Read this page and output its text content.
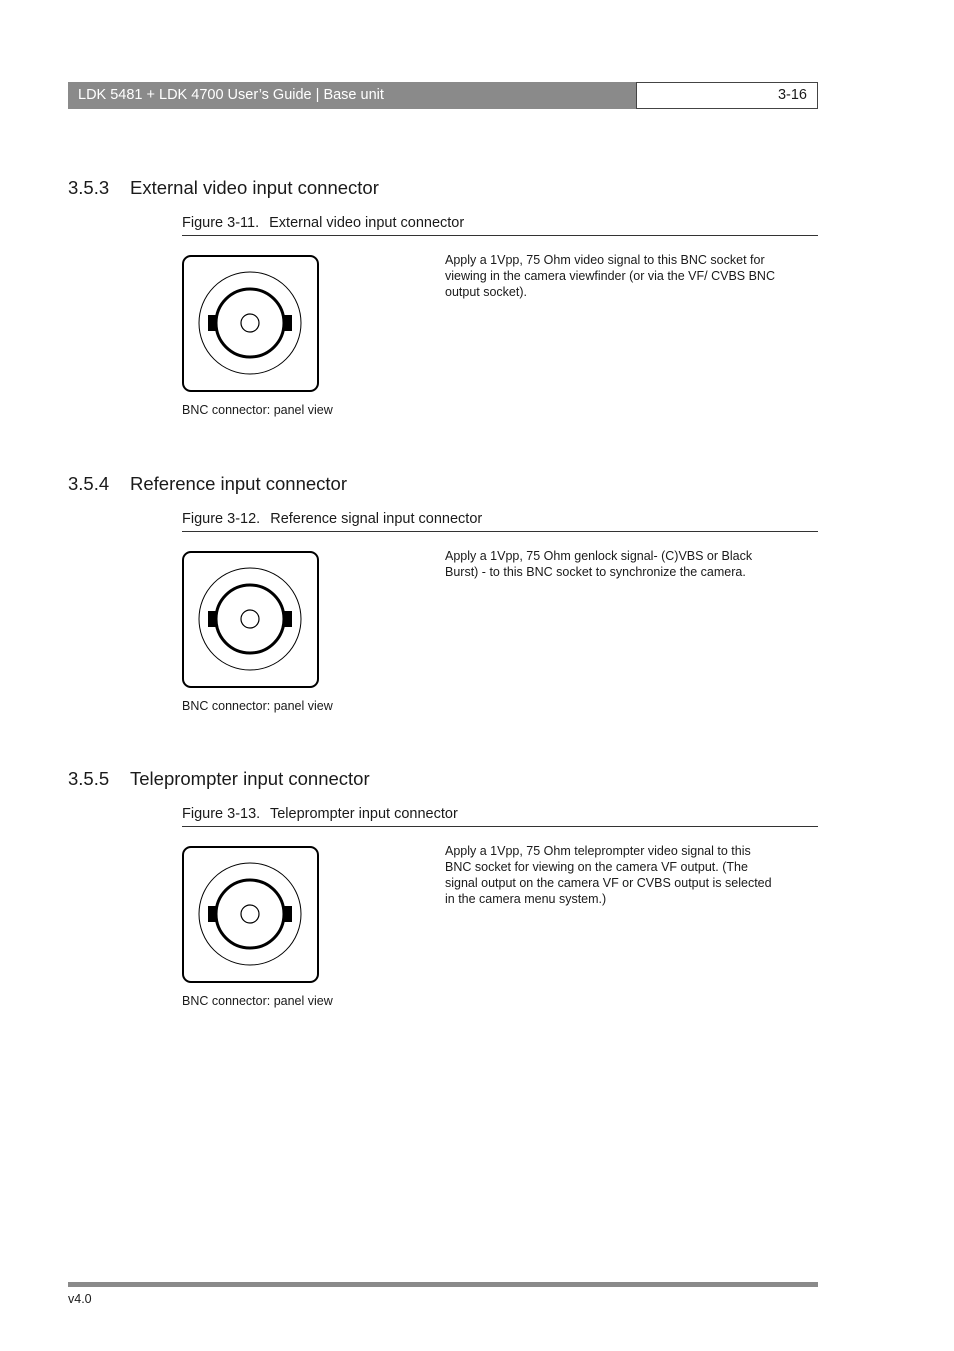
LDK 5481 + LDK 4700 User’s Guide | Base unit	3-16
3.5.3 External video input connector
Figure 3-11. External video input connector
BNC connector: panel view
Apply a 1Vpp, 75 Ohm video signal to this BNC socket for viewing in the camera viewfinder (or via the VF/ CVBS BNC output socket).
3.5.4 Reference input connector
Figure 3-12. Reference signal input connector
BNC connector: panel view
Apply a 1Vpp, 75 Ohm genlock signal- (C)VBS or Black Burst) - to this BNC socket to synchronize the camera.
3.5.5 Teleprompter input connector
Figure 3-13. Teleprompter input connector
BNC connector: panel view
Apply a 1Vpp, 75 Ohm teleprompter video signal to this BNC socket for viewing on the camera VF output. (The signal output on the camera VF or CVBS output is selected in the camera menu system.)
v4.0
